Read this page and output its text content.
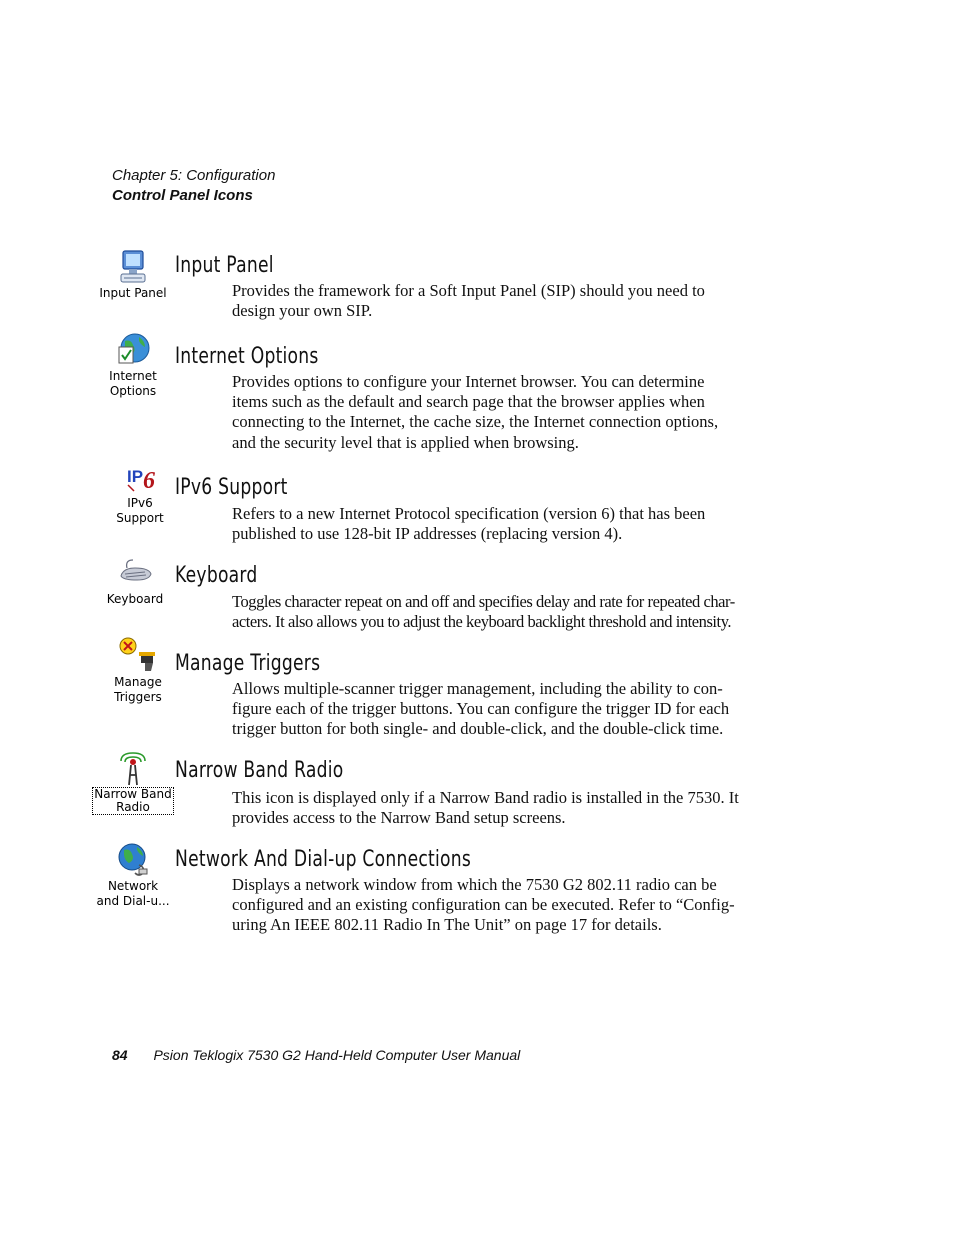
Chapter 5: Configuration
Control Panel Icons
Input Panel
Input Panel
Provides the framework for a Soft Input Panel (SIP) should you need to design your own SIP.
Internet
Options
Internet Options
Provides options to configure your Internet browser. You can determine items such as the default and search page that the browser applies when connecting to the Internet, the cache size, the Internet connection options, and the security level that is applied when browsing.
IP 6
IPv6
Support
IPv6 Support
Refers to a new Internet Protocol specification (version 6) that has been published to use 128-bit IP addresses (replacing version 4).
Keyboard
Keyboard
Toggles character repeat on and off and specifies delay and rate for repeated char-acters. It also allows you to adjust the keyboard backlight threshold and intensity.
Manage
Triggers
Manage Triggers
Allows multiple-scanner trigger management, including the ability to con-figure each of the trigger buttons. You can configure the trigger ID for each trigger button for both single- and double-click, and the double-click time.
Narrow Band
Radio
Narrow Band Radio
This icon is displayed only if a Narrow Band radio is installed in the 7530. It provides access to the Narrow Band setup screens.
Network
and Dial-u...
Network And Dial-up Connections
Displays a network window from which the 7530 G2 802.11 radio can be configured and an existing configuration can be executed. Refer to “Config-uring An IEEE 802.11 Radio In The Unit” on page 17 for details.
84 Psion Teklogix 7530 G2 Hand-Held Computer User Manual
